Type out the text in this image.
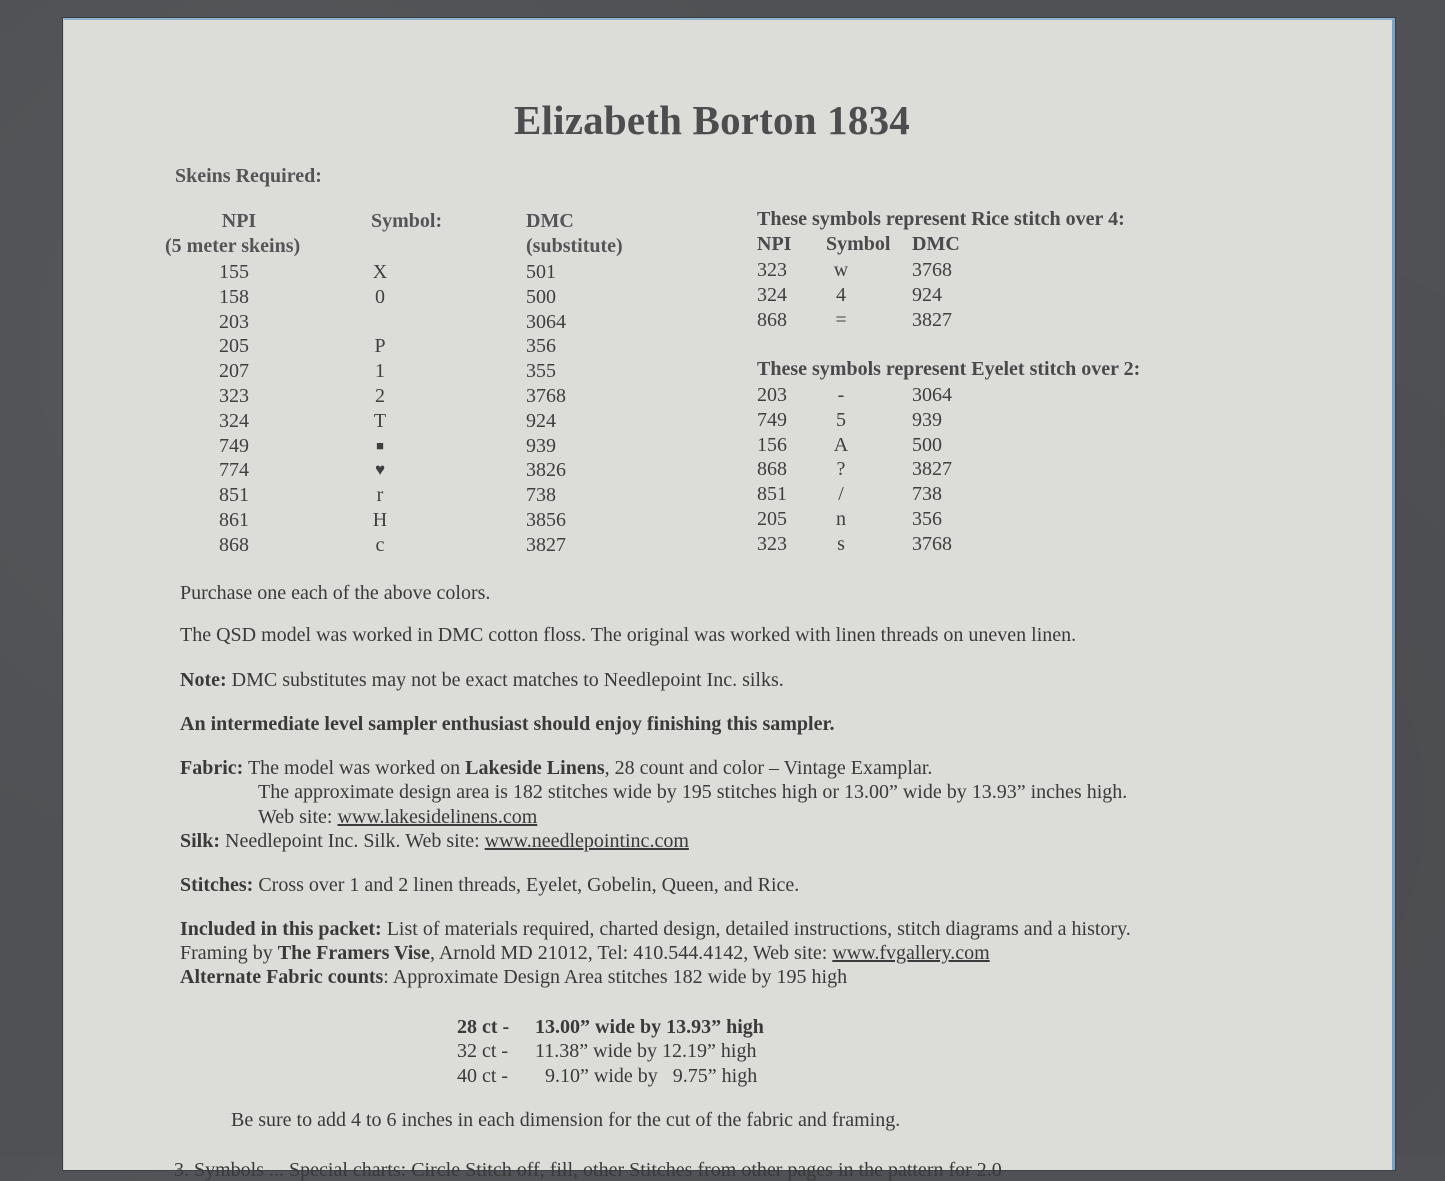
Elizabeth Borton 1834
Skeins Required:
NPI
(5 meter skeins)
Symbol:	DMC
(substitute)
155
158
203
205
207
323
324
749
774
851
861
868
X
0
P
1
2
T
■
♥
r
H
c
501
500
3064
356
355
3768
924
939
3826
738
3856
3827
These symbols represent Rice stitch over 4:
NPI Symbol DMC
323
324
868
w
4
=
3768
924
3827
These symbols represent Eyelet stitch over 2:
203
749
156
868
851
205
323
-
5
A
?
/
n
s
3064
939
500
3827
738
356
3768
Purchase one each of the above colors.
The QSD model was worked in DMC cotton floss. The original was worked with linen threads on uneven linen.
Note: DMC substitutes may not be exact matches to Needlepoint Inc. silks.
An intermediate level sampler enthusiast should enjoy finishing this sampler.
Fabric: The model was worked on Lakeside Linens, 28 count and color – Vintage Examplar.
The approximate design area is 182 stitches wide by 195 stitches high or 13.00” wide by 13.93” inches high.
Web site: www.lakesidelinens.com
Silk: Needlepoint Inc. Silk. Web site: www.needlepointinc.com
Stitches: Cross over 1 and 2 linen threads, Eyelet, Gobelin, Queen, and Rice.
Included in this packet: List of materials required, charted design, detailed instructions, stitch diagrams and a history.
Framing by The Framers Vise, Arnold MD 21012, Tel: 410.544.4142, Web site: www.fvgallery.com
Alternate Fabric counts: Approximate Design Area stitches 182 wide by 195 high
28 ct - 13.00” wide by 13.93” high
32 ct - 11.38” wide by 12.19” high
40 ct - 9.10” wide by   9.75” high
Be sure to add 4 to 6 inches in each dimension for the cut of the fabric and framing.
3. Symbols ... Special charts: Circle Stitch off, fill, other Stitches from other pages in the pattern for 2.0
